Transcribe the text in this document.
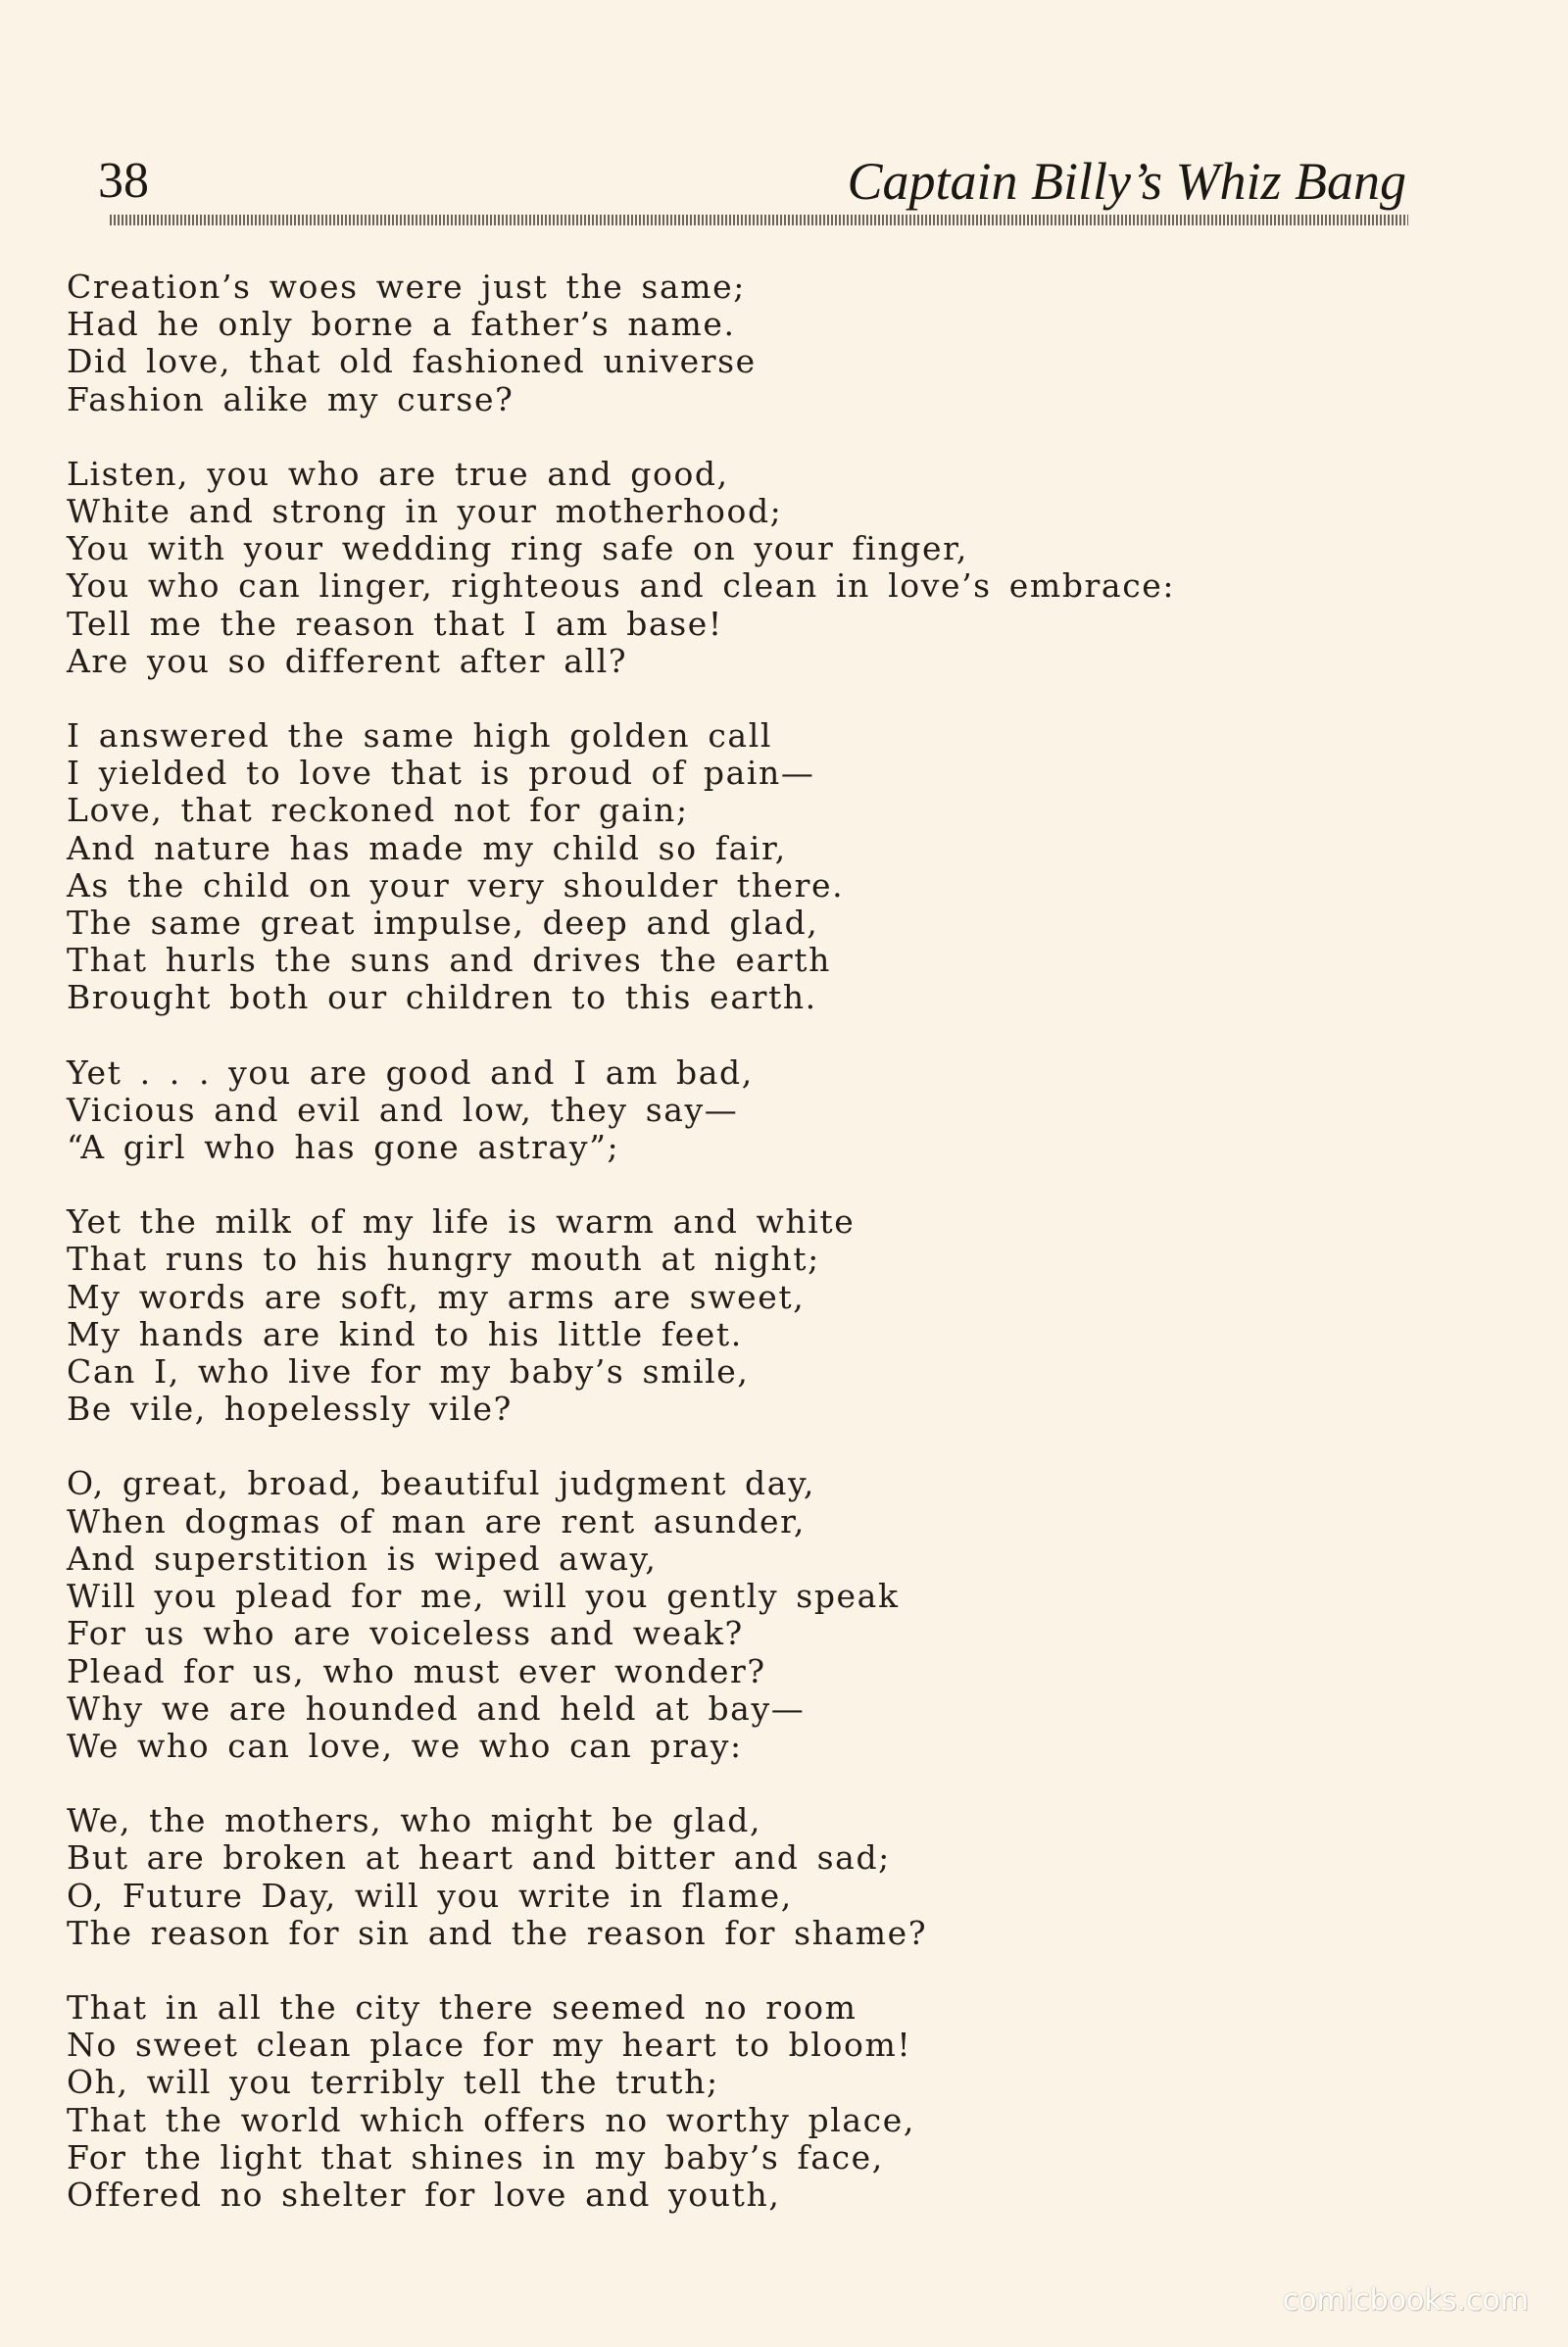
38	Captain Billy’s Whiz Bang
Creation’s woes were just the same;
Had he only borne a father’s name.
Did love, that old fashioned universe
Fashion alike my curse?
Listen, you who are true and good,
White and strong in your motherhood;
You with your wedding ring safe on your finger,
You who can linger, righteous and clean in love’s embrace:
Tell me the reason that I am base!
Are you so different after all?
I answered the same high golden call
I yielded to love that is proud of pain—
Love, that reckoned not for gain;
And nature has made my child so fair,
As the child on your very shoulder there.
The same great impulse, deep and glad,
That hurls the suns and drives the earth
Brought both our children to this earth.
Yet . . . you are good and I am bad,
Vicious and evil and low, they say—
“A girl who has gone astray”;
Yet the milk of my life is warm and white
That runs to his hungry mouth at night;
My words are soft, my arms are sweet,
My hands are kind to his little feet.
Can I, who live for my baby’s smile,
Be vile, hopelessly vile?
O, great, broad, beautiful judgment day,
When dogmas of man are rent asunder,
And superstition is wiped away,
Will you plead for me, will you gently speak
For us who are voiceless and weak?
Plead for us, who must ever wonder?
Why we are hounded and held at bay—
We who can love, we who can pray:
We, the mothers, who might be glad,
But are broken at heart and bitter and sad;
O, Future Day, will you write in flame,
The reason for sin and the reason for shame?
That in all the city there seemed no room
No sweet clean place for my heart to bloom!
Oh, will you terribly tell the truth;
That the world which offers no worthy place,
For the light that shines in my baby’s face,
Offered no shelter for love and youth,
comicbooks.com
